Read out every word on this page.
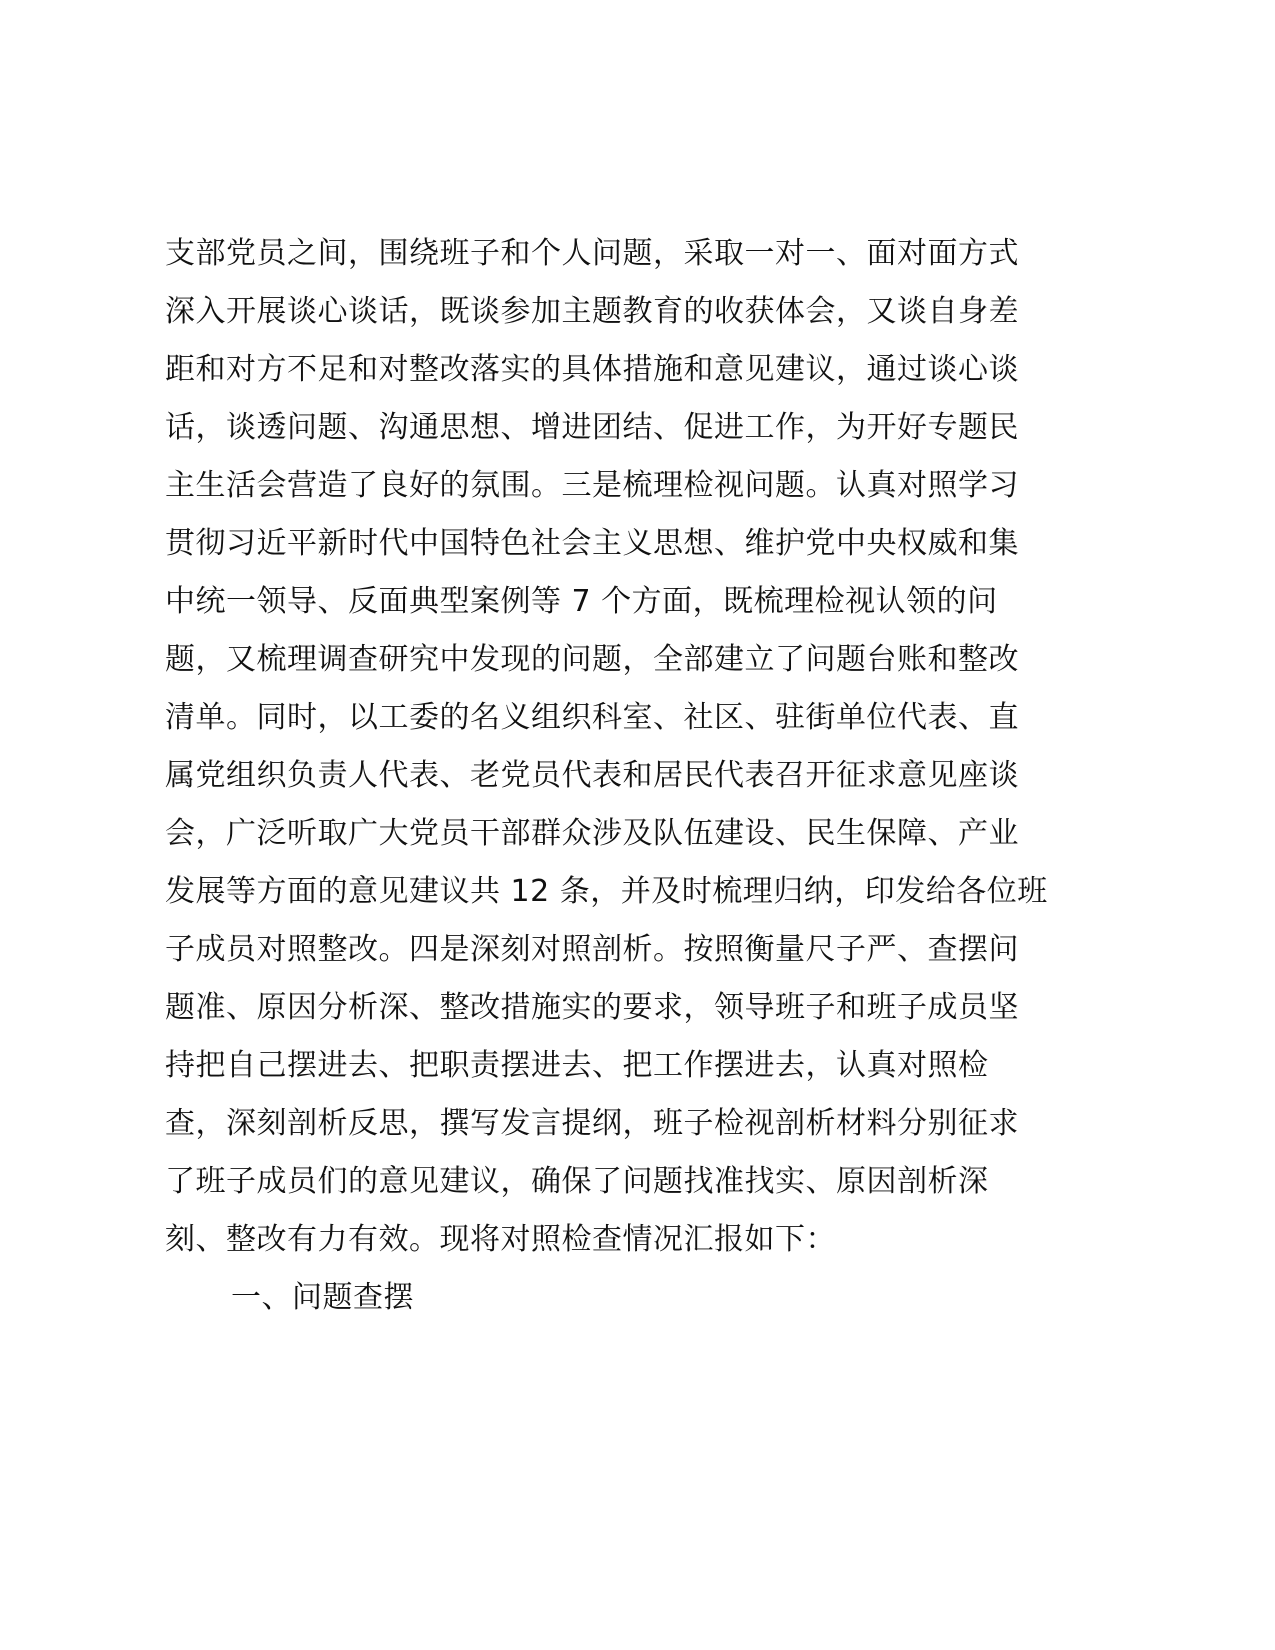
支部党员之间，围绕班子和个人问题，采取一对一、面对面方式
深入开展谈心谈话，既谈参加主题教育的收获体会，又谈自身差
距和对方不足和对整改落实的具体措施和意见建议，通过谈心谈
话，谈透问题、沟通思想、增进团结、促进工作，为开好专题民
主生活会营造了良好的氛围。三是梳理检视问题。认真对照学习
贯彻习近平新时代中国特色社会主义思想、维护党中央权威和集
中统一领导、反面典型案例等 7 个方面，既梳理检视认领的问
题，又梳理调查研究中发现的问题，全部建立了问题台账和整改
清单。同时，以工委的名义组织科室、社区、驻街单位代表、直
属党组织负责人代表、老党员代表和居民代表召开征求意见座谈
会，广泛听取广大党员干部群众涉及队伍建设、民生保障、产业
发展等方面的意见建议共 12 条，并及时梳理归纳，印发给各位班
子成员对照整改。四是深刻对照剖析。按照衡量尺子严、查摆问
题准、原因分析深、整改措施实的要求，领导班子和班子成员坚
持把自己摆进去、把职责摆进去、把工作摆进去，认真对照检
查，深刻剖析反思，撰写发言提纲，班子检视剖析材料分别征求
了班子成员们的意见建议，确保了问题找准找实、原因剖析深
刻、整改有力有效。现将对照检查情况汇报如下：
一、问题查摆
